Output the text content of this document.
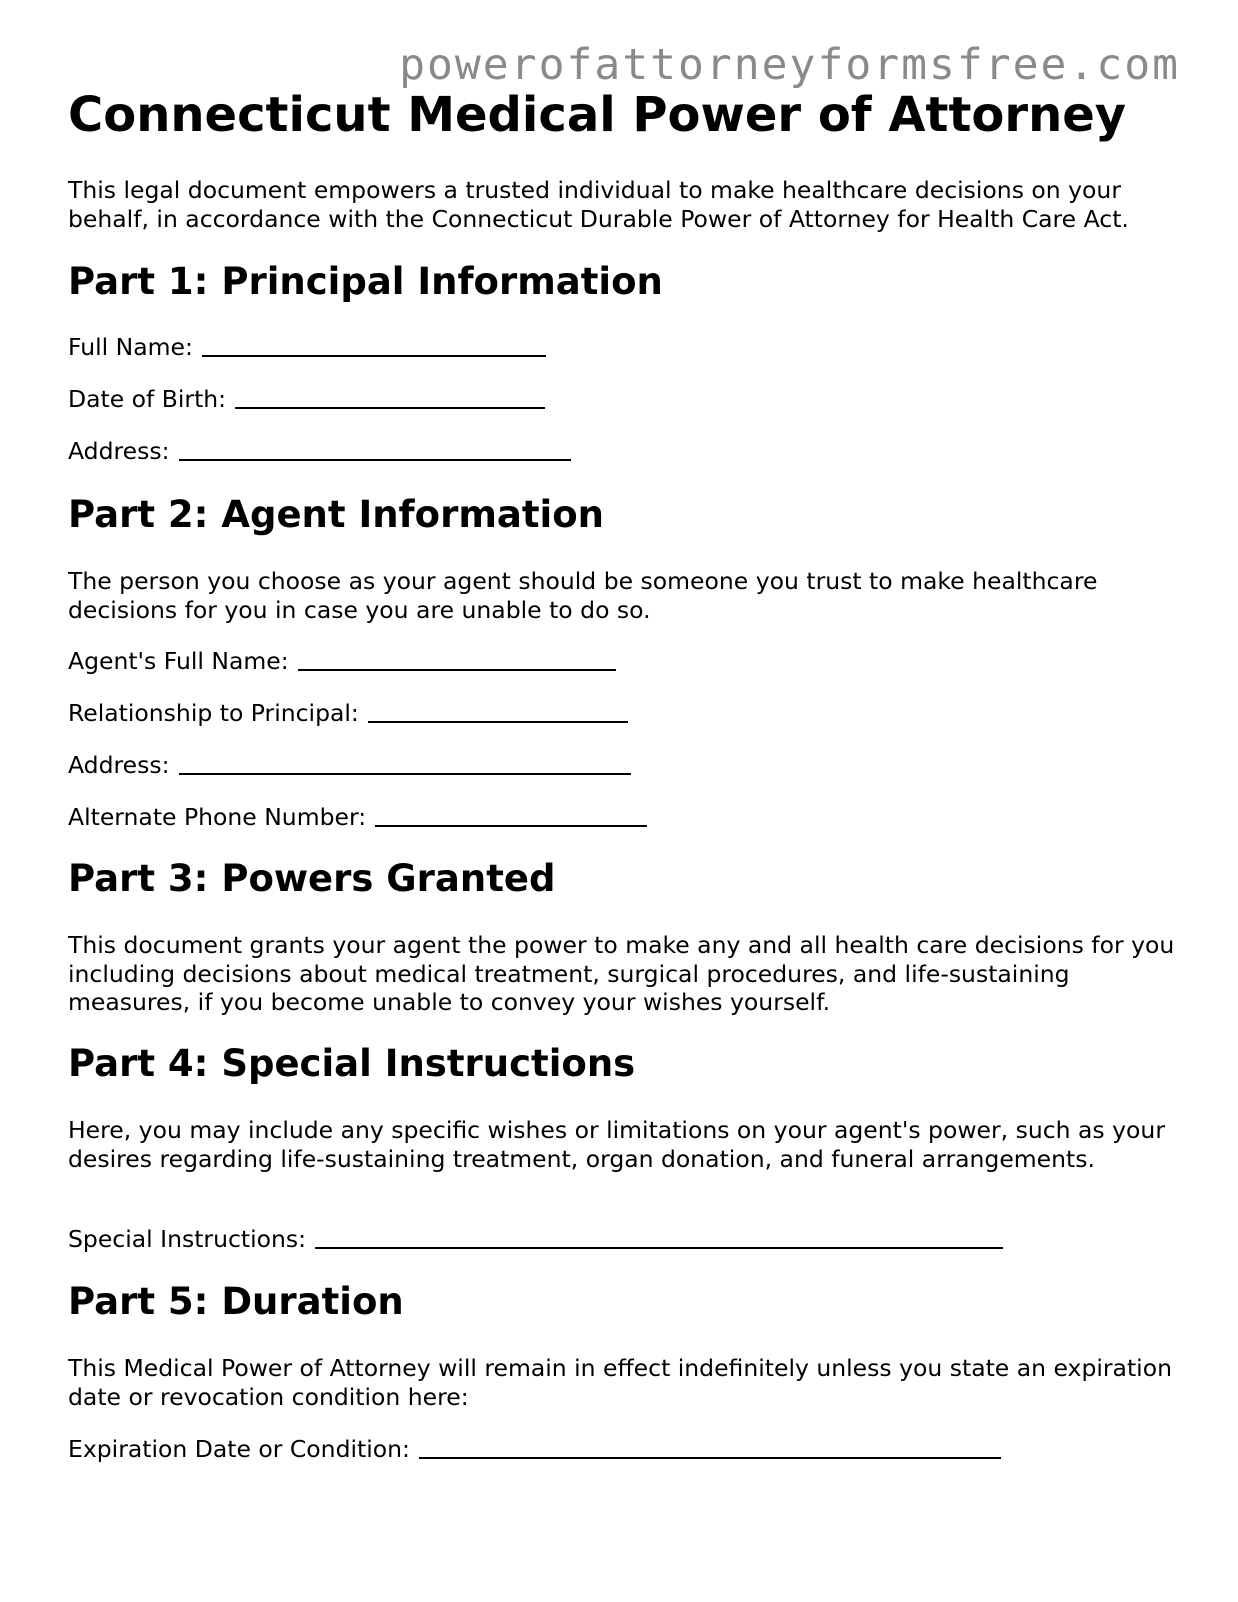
powerofattorneyformsfree.com
Connecticut Medical Power of Attorney

This legal document empowers a trusted individual to make healthcare decisions on your behalf, in accordance with the Connecticut Durable Power of Attorney for Health Care Act.

Part 1: Principal Information
Full Name:
Date of Birth:
Address:
Part 2: Agent Information

The person you choose as your agent should be someone you trust to make healthcare decisions for you in case you are unable to do so.

Agent's Full Name:
Relationship to Principal:
Address:
Alternate Phone Number:
Part 3: Powers Granted

This document grants your agent the power to make any and all health care decisions for you including decisions about medical treatment, surgical procedures, and life-sustaining measures, if you become unable to convey your wishes yourself.

Part 4: Special Instructions

Here, you may include any specific wishes or limitations on your agent's power, such as your desires regarding life-sustaining treatment, organ donation, and funeral arrangements.

Special Instructions:
Part 5: Duration

This Medical Power of Attorney will remain in effect indefinitely unless you state an expiration date or revocation condition here:

Expiration Date or Condition:
